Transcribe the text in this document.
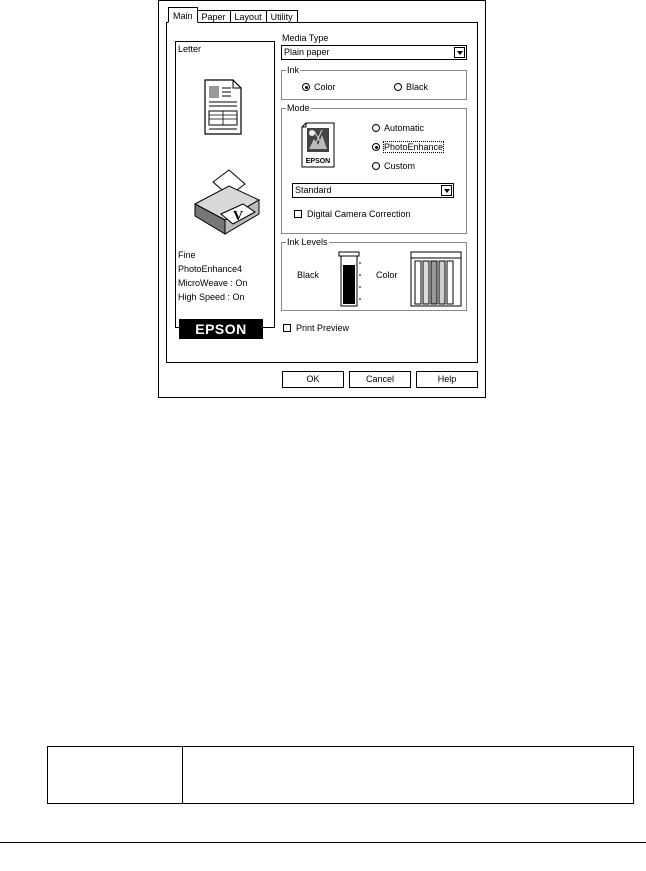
Main	Paper	Layout	Utility
Letter
V
Fine
PhotoEnhance4
MicroWeave : On
High Speed : On
Media Type
Plain paper
Ink
Color	Black
Mode
EPSON
Automatic
PhotoEnhance
Custom
Standard
Digital Camera Correction
Ink Levels
Black	Color
EPSON	Print Preview
OK	Cancel	Help
